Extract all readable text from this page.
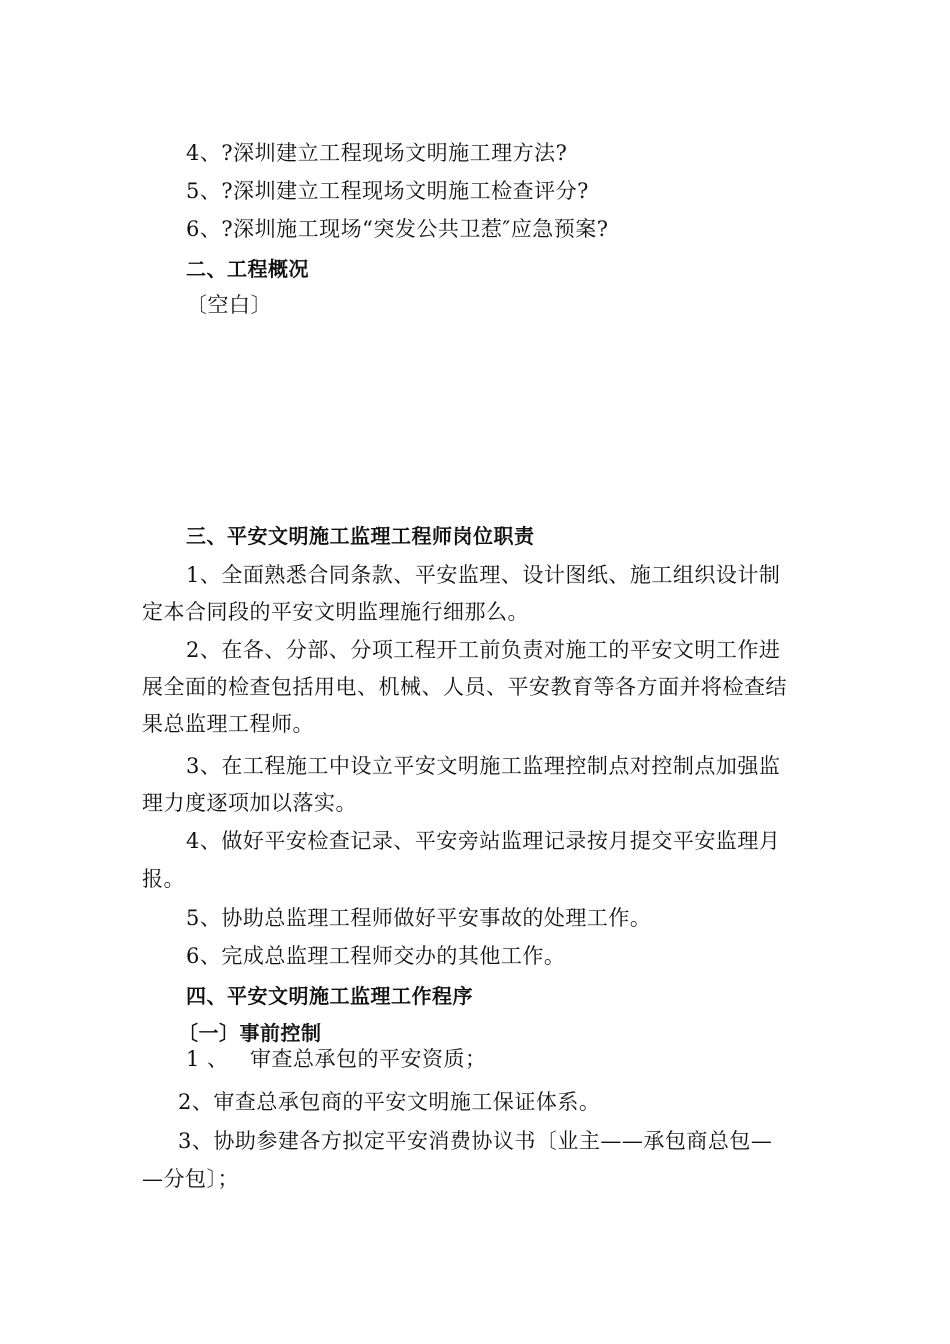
4、?深圳建立工程现场文明施工理方法?
5、?深圳建立工程现场文明施工检查评分?
6、?深圳施工现场“突发公共卫惹″应急预案?
二、工程概况
〔空白〕
三、平安文明施工监理工程师岗位职责
1、全面熟悉合同条款、平安监理、设计图纸、施工组织设计制
定本合同段的平安文明监理施行细那么。
2、在各、分部、分项工程开工前负责对施工的平安文明工作进
展全面的检查包括用电、机械、人员、平安教育等各方面并将检查结
果总监理工程师。
3、在工程施工中设立平安文明施工监理控制点对控制点加强监
理力度逐项加以落实。
4、做好平安检查记录、平安旁站监理记录按月提交平安监理月
报。
5、协助总监理工程师做好平安事故的处理工作。
6、完成总监理工程师交办的其他工作。
四、平安文明施工监理工作程序
〔一〕事前控制
1 、   审查总承包的平安资质；
2、审查总承包商的平安文明施工保证体系。
3、协助参建各方拟定平安消费协议书〔业主——承包商总包—
—分包〕；
